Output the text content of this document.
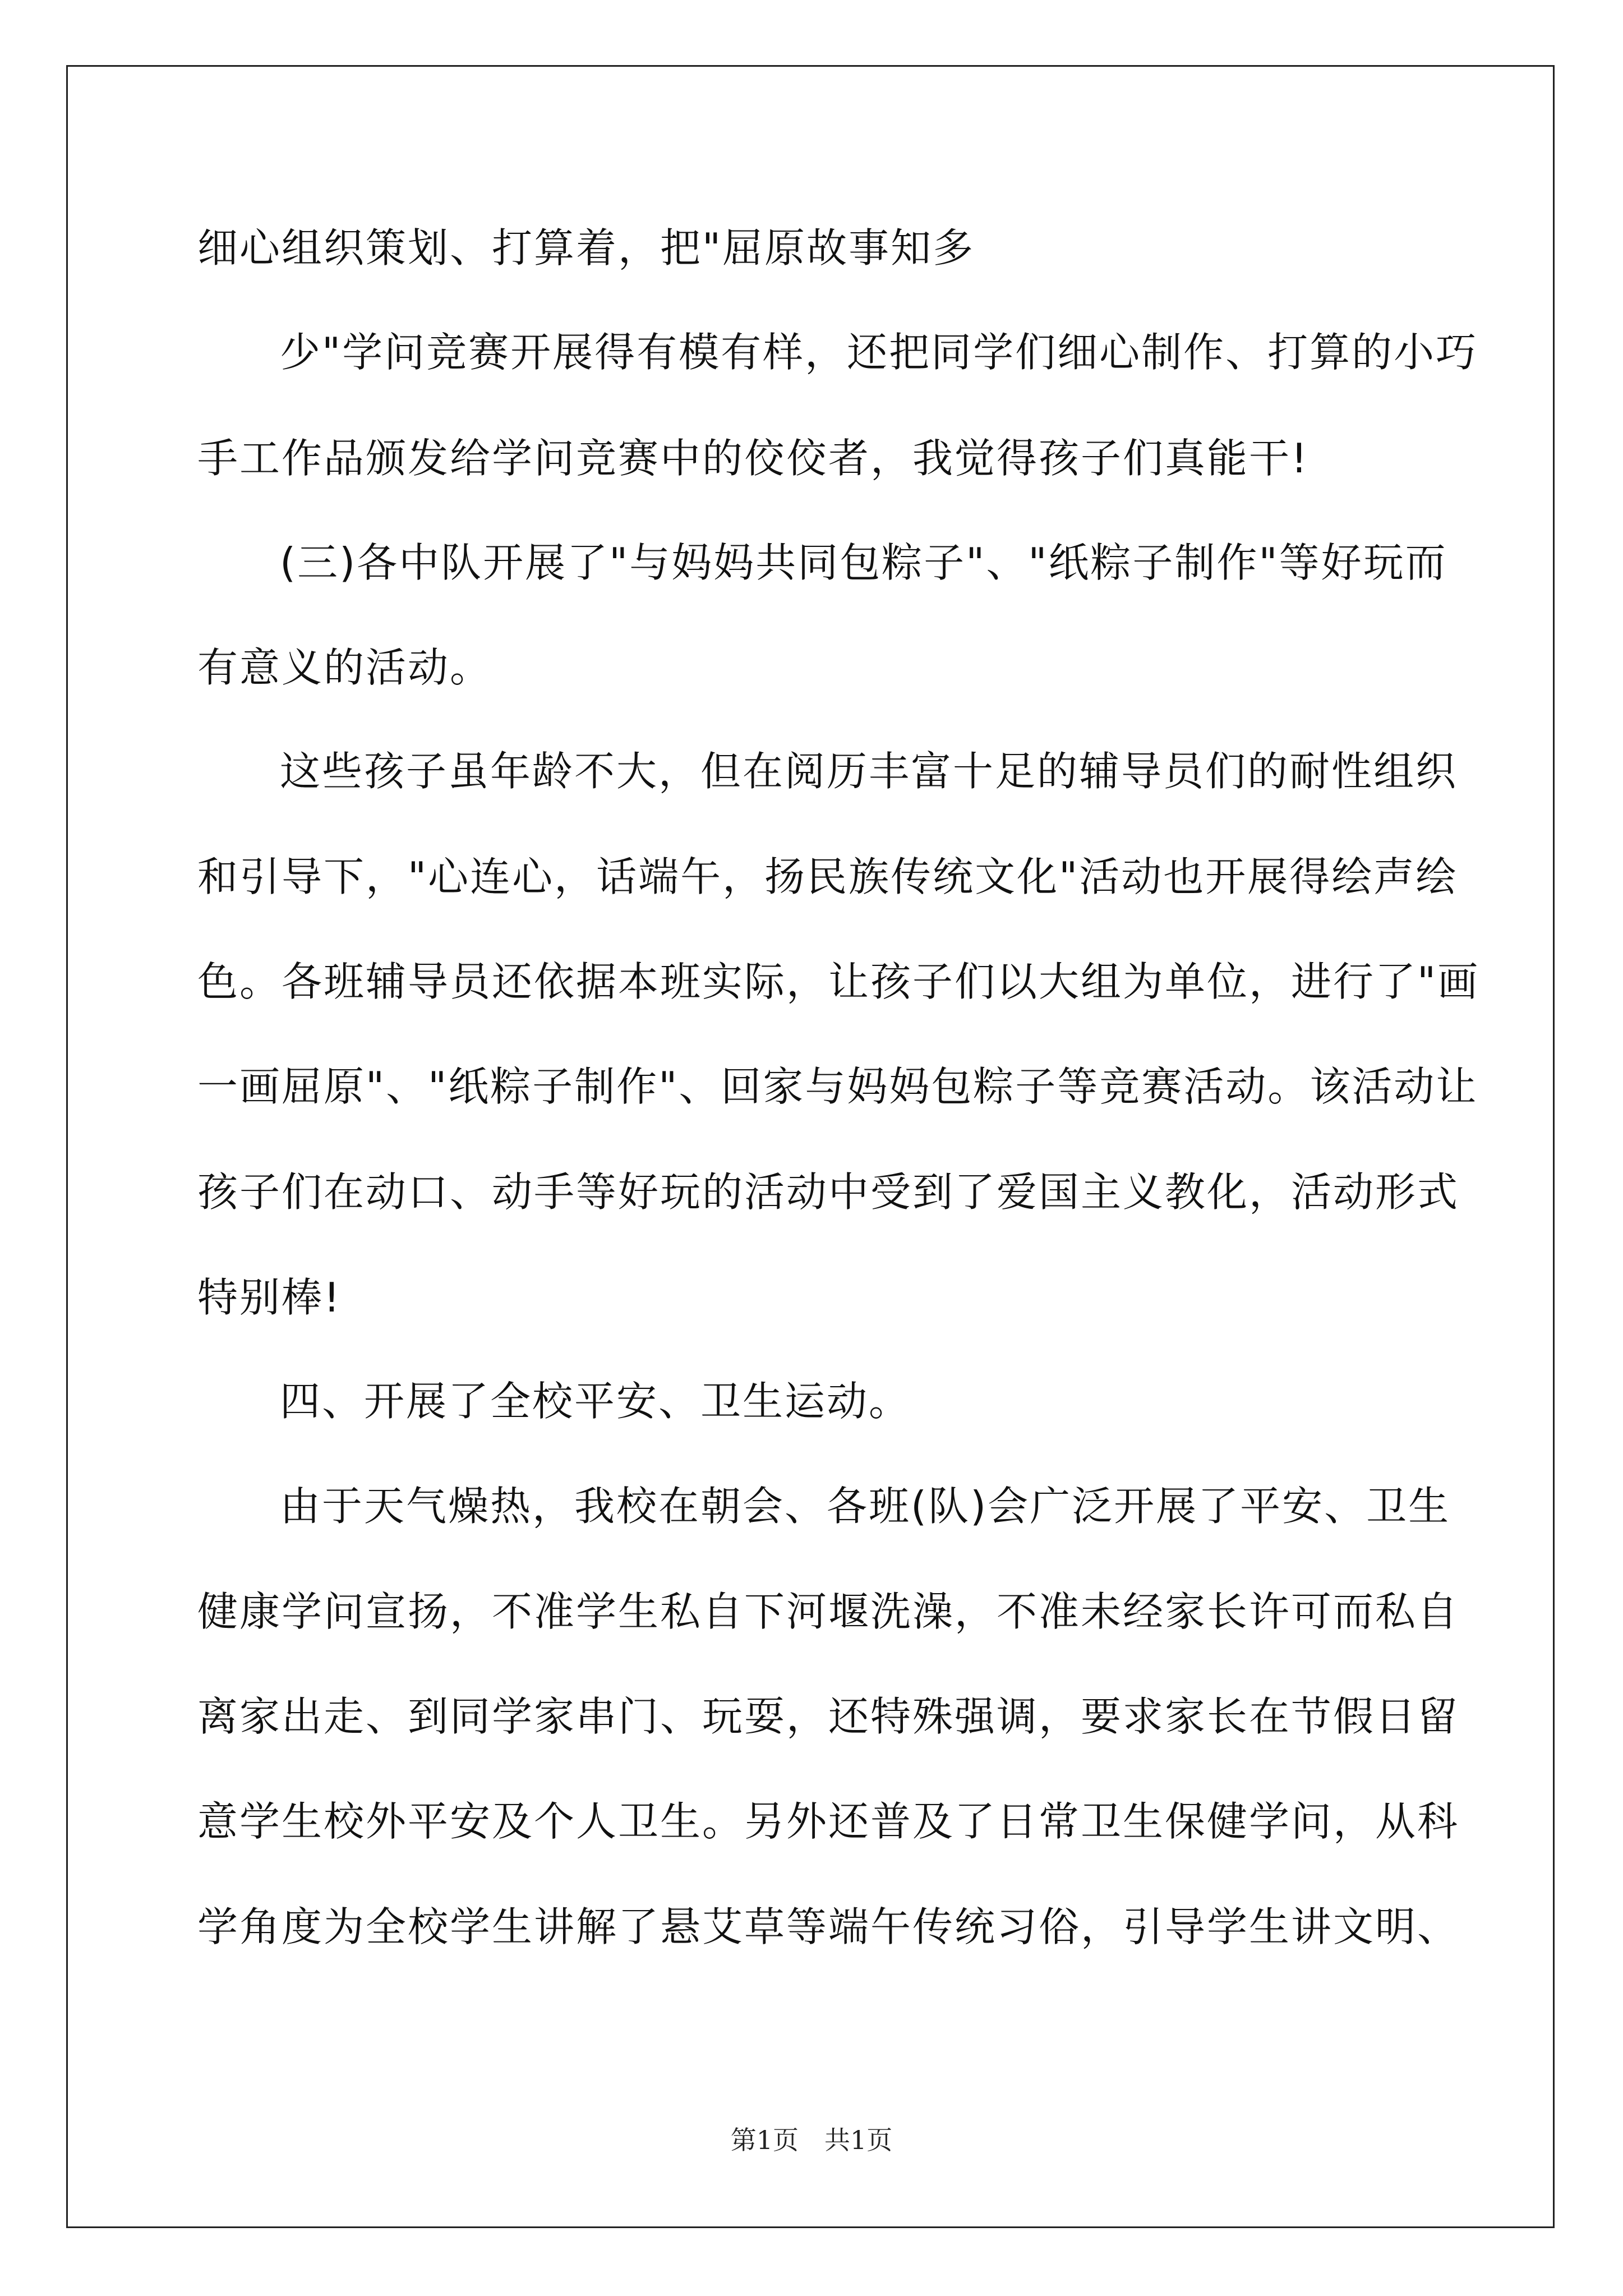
细心组织策划、打算着，把"屈原故事知多
少"学问竞赛开展得有模有样，还把同学们细心制作、打算的小巧
手工作品颁发给学问竞赛中的佼佼者，我觉得孩子们真能干!
(三)各中队开展了"与妈妈共同包粽子"、"纸粽子制作"等好玩而
有意义的活动。
这些孩子虽年龄不大，但在阅历丰富十足的辅导员们的耐性组织
和引导下，"心连心，话端午，扬民族传统文化"活动也开展得绘声绘
色。各班辅导员还依据本班实际，让孩子们以大组为单位，进行了"画
一画屈原"、"纸粽子制作"、回家与妈妈包粽子等竞赛活动。该活动让
孩子们在动口、动手等好玩的活动中受到了爱国主义教化，活动形式
特别棒!
四、开展了全校平安、卫生运动。
由于天气燥热，我校在朝会、各班(队)会广泛开展了平安、卫生
健康学问宣扬，不准学生私自下河堰洗澡，不准未经家长许可而私自
离家出走、到同学家串门、玩耍，还特殊强调，要求家长在节假日留
意学生校外平安及个人卫生。另外还普及了日常卫生保健学问，从科
学角度为全校学生讲解了悬艾草等端午传统习俗，引导学生讲文明、
第1页　共1页
